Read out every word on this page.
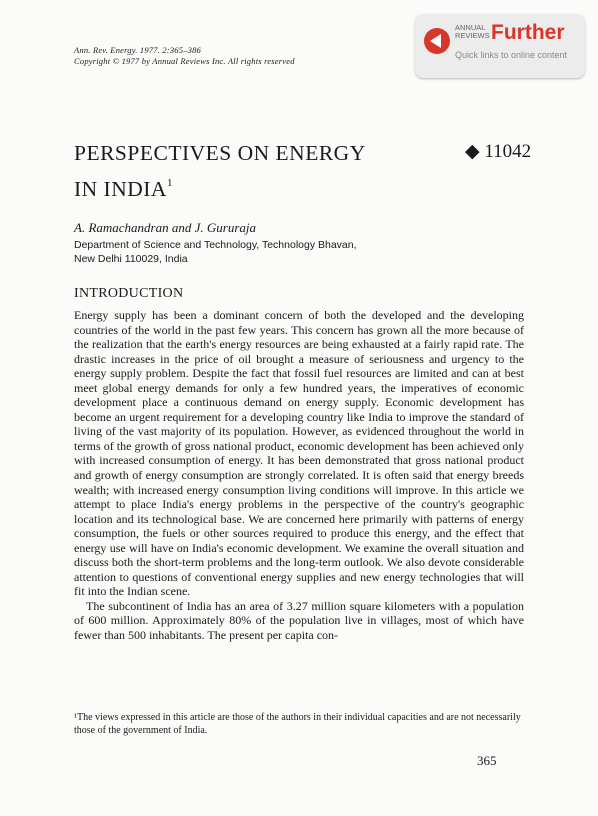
Ann. Rev. Energy. 1977. 2:365–386
Copyright © 1977 by Annual Reviews Inc. All rights reserved
ANNUAL
REVIEWS Further
Quick links to online content
PERSPECTIVES ON ENERGY
IN INDIA$^1$
◆ 11042
A. Ramachandran and J. Gururaja
Department of Science and Technology, Technology Bhavan,
New Delhi 110029, India
INTRODUCTION

Energy supply has been a dominant concern of both the developed and the developing countries of the world in the past few years. This concern has grown all the more because of the realization that the earth's energy resources are being exhausted at a fairly rapid rate. The drastic increases in the price of oil brought a measure of seriousness and urgency to the energy supply problem. Despite the fact that fossil fuel resources are limited and can at best meet global energy demands for only a few hundred years, the imperatives of economic development place a continuous demand on energy supply. Economic development has become an urgent requirement for a developing country like India to improve the standard of living of the vast majority of its population. However, as evidenced throughout the world in terms of the growth of gross national product, economic development has been achieved only with increased consumption of energy. It has been demonstrated that gross national product and growth of energy consumption are strongly correlated. It is often said that energy breeds wealth; with increased energy consumption living conditions will improve. In this article we attempt to place India's energy problems in the perspective of the country's geographic location and its technological base. We are concerned here primarily with patterns of energy consumption, the fuels or other sources required to produce this energy, and the effect that energy use will have on India's economic development. We examine the overall situation and discuss both the short-term problems and the long-term outlook. We also devote considerable attention to questions of conventional energy supplies and new energy technologies that will fit into the Indian scene.

The subcontinent of India has an area of 3.27 million square kilometers with a population of 600 million. Approximately 80% of the population live in villages, most of which have fewer than 500 inhabitants. The present per capita con-

¹The views expressed in this article are those of the authors in their individual capacities and are not necessarily those of the government of India.
365
